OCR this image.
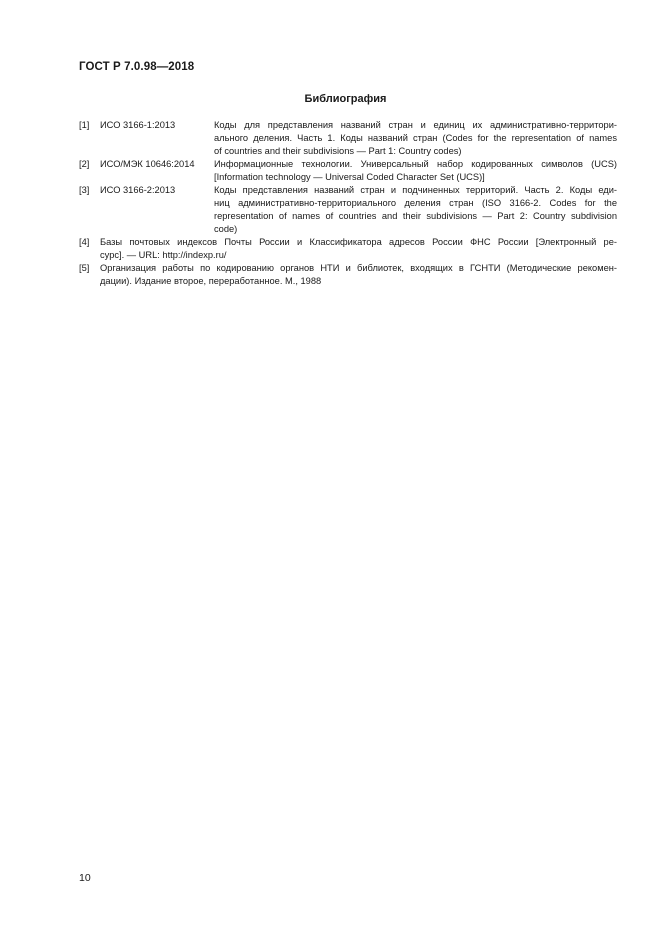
ГОСТ Р 7.0.98—2018
Библиография
[1] ИСО 3166-1:2013	Коды для представления названий стран и единиц их административно-территори-
ального деления. Часть 1. Коды названий стран (Codes for the representation of names
of countries and their subdivisions — Part 1: Country codes)
[2] ИСО/МЭК 10646:2014 Информационные технологии. Универсальный набор кодированных символов (UCS)
[Information technology — Universal Coded Character Set (UCS)]
[3] ИСО 3166-2:2013	Коды представления названий стран и подчиненных территорий. Часть 2. Коды еди-
ниц административно-территориального деления стран (ISO 3166-2. Codes for the
representation of names of countries and their subdivisions — Part 2: Country subdivision
code)
[4] Базы почтовых индексов Почты России и Классификатора адресов России ФНС России [Электронный ре-
сурс]. — URL: http://indexp.ru/
[5] Организация работы по кодированию органов НТИ и библиотек, входящих в ГСНТИ (Методические рекомен-
дации). Издание второе, переработанное. М., 1988
10
